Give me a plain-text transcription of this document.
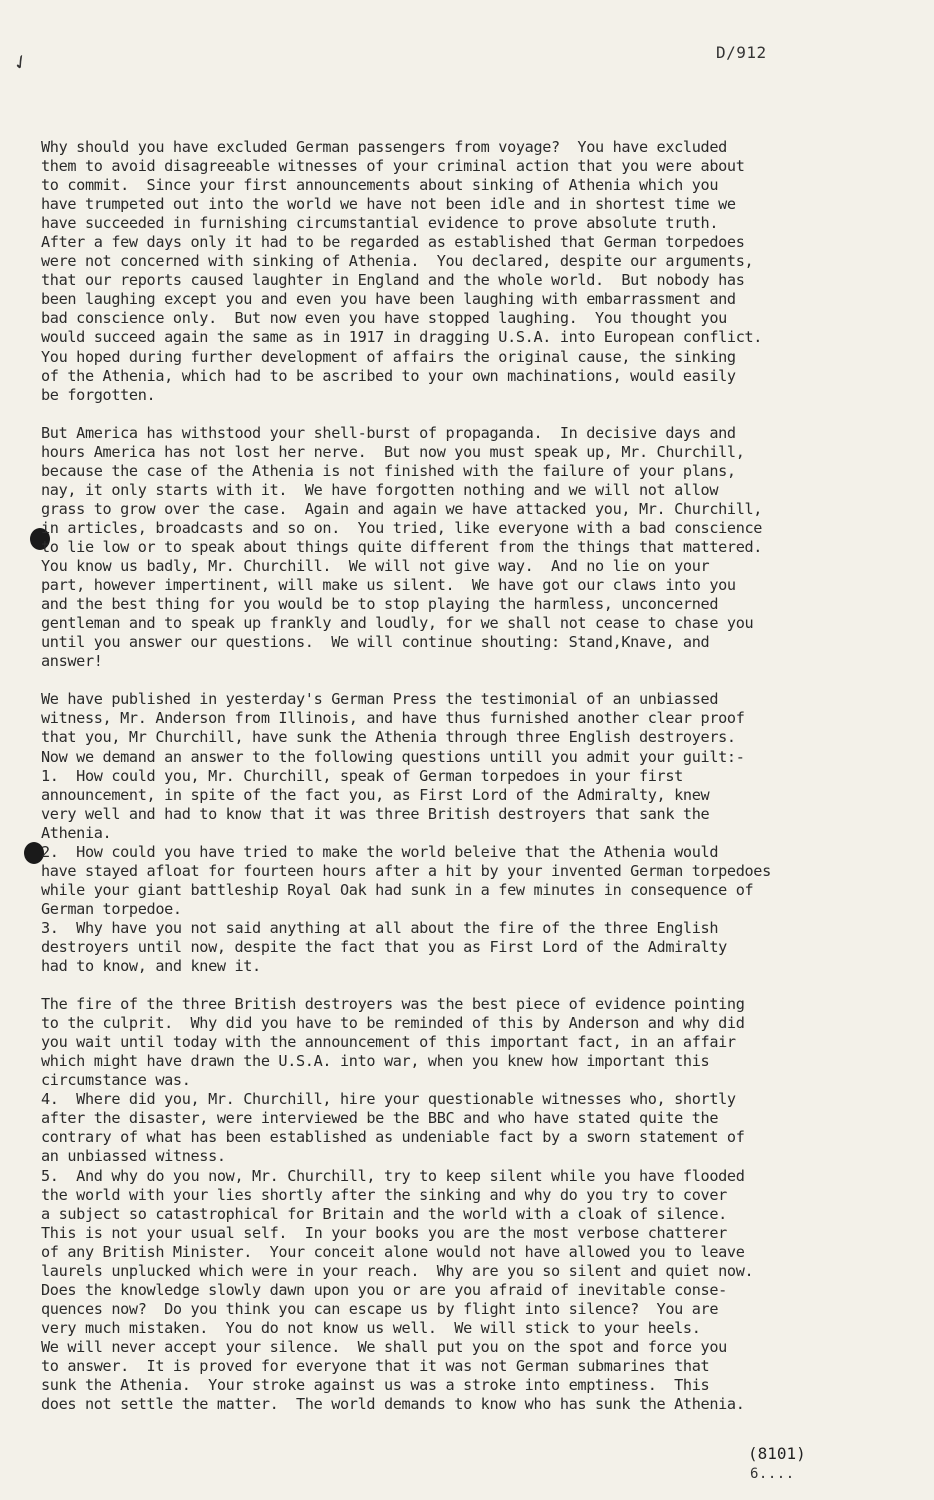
✓	D/912
Why should you have excluded German passengers from voyage?  You have excluded
them to avoid disagreeable witnesses of your criminal action that you were about
to commit.  Since your first announcements about sinking of Athenia which you
have trumpeted out into the world we have not been idle and in shortest time we
have succeeded in furnishing circumstantial evidence to prove absolute truth.
After a few days only it had to be regarded as established that German torpedoes
were not concerned with sinking of Athenia.  You declared, despite our arguments,
that our reports caused laughter in England and the whole world.  But nobody has
been laughing except you and even you have been laughing with embarrassment and
bad conscience only.  But now even you have stopped laughing.  You thought you
would succeed again the same as in 1917 in dragging U.S.A. into European conflict.
You hoped during further development of affairs the original cause, the sinking
of the Athenia, which had to be ascribed to your own machinations, would easily
be forgotten.
But America has withstood your shell-burst of propaganda.  In decisive days and
hours America has not lost her nerve.  But now you must speak up, Mr. Churchill,
because the case of the Athenia is not finished with the failure of your plans,
nay, it only starts with it.  We have forgotten nothing and we will not allow
grass to grow over the case.  Again and again we have attacked you, Mr. Churchill,
in articles, broadcasts and so on.  You tried, like everyone with a bad conscience
to lie low or to speak about things quite different from the things that mattered.
You know us badly, Mr. Churchill.  We will not give way.  And no lie on your
part, however impertinent, will make us silent.  We have got our claws into you
and the best thing for you would be to stop playing the harmless, unconcerned
gentleman and to speak up frankly and loudly, for we shall not cease to chase you
until you answer our questions.  We will continue shouting: Stand,Knave, and
answer!
We have published in yesterday's German Press the testimonial of an unbiassed
witness, Mr. Anderson from Illinois, and have thus furnished another clear proof
that you, Mr Churchill, have sunk the Athenia through three English destroyers.
Now we demand an answer to the following questions untill you admit your guilt:-
1.  How could you, Mr. Churchill, speak of German torpedoes in your first
announcement, in spite of the fact you, as First Lord of the Admiralty, knew
very well and had to know that it was three British destroyers that sank the
Athenia.
2.  How could you have tried to make the world beleive that the Athenia would
have stayed afloat for fourteen hours after a hit by your invented German torpedoes
while your giant battleship Royal Oak had sunk in a few minutes in consequence of
German torpedoe.
3.  Why have you not said anything at all about the fire of the three English
destroyers until now, despite the fact that you as First Lord of the Admiralty
had to know, and knew it.
The fire of the three British destroyers was the best piece of evidence pointing
to the culprit.  Why did you have to be reminded of this by Anderson and why did
you wait until today with the announcement of this important fact, in an affair
which might have drawn the U.S.A. into war, when you knew how important this
circumstance was.
4.  Where did you, Mr. Churchill, hire your questionable witnesses who, shortly
after the disaster, were interviewed be the BBC and who have stated quite the
contrary of what has been established as undeniable fact by a sworn statement of
an unbiassed witness.
5.  And why do you now, Mr. Churchill, try to keep silent while you have flooded
the world with your lies shortly after the sinking and why do you try to cover
a subject so catastrophical for Britain and the world with a cloak of silence.
This is not your usual self.  In your books you are the most verbose chatterer
of any British Minister.  Your conceit alone would not have allowed you to leave
laurels unplucked which were in your reach.  Why are you so silent and quiet now.
Does the knowledge slowly dawn upon you or are you afraid of inevitable conse-
quences now?  Do you think you can escape us by flight into silence?  You are
very much mistaken.  You do not know us well.  We will stick to your heels.
We will never accept your silence.  We shall put you on the spot and force you
to answer.  It is proved for everyone that it was not German submarines that
sunk the Athenia.  Your stroke against us was a stroke into emptiness.  This
does not settle the matter.  The world demands to know who has sunk the Athenia.
(8101)
6....
